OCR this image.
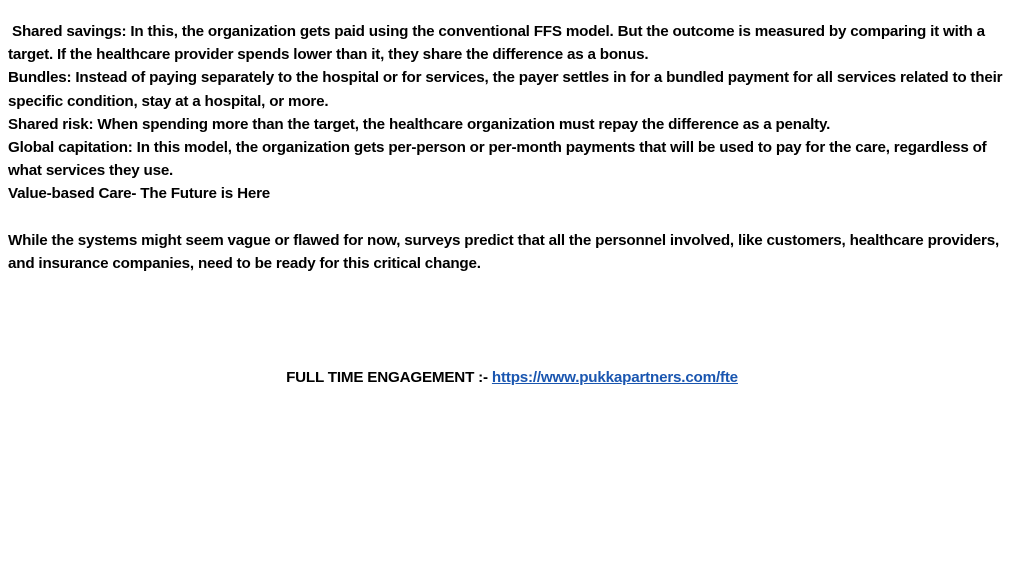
Shared savings: In this, the organization gets paid using the conventional FFS model. But the outcome is measured by comparing it with a target. If the healthcare provider spends lower than it, they share the difference as a bonus.

Bundles: Instead of paying separately to the hospital or for services, the payer settles in for a bundled payment for all services related to their specific condition, stay at a hospital, or more.

Shared risk: When spending more than the target, the healthcare organization must repay the difference as a penalty.

Global capitation: In this model, the organization gets per-person or per-month payments that will be used to pay for the care, regardless of what services they use.

Value-based Care- The Future is Here

While the systems might seem vague or flawed for now, surveys predict that all the personnel involved, like customers, healthcare providers, and insurance companies, need to be ready for this critical change.

FULL TIME ENGAGEMENT :- https://www.pukkapartners.com/fte
